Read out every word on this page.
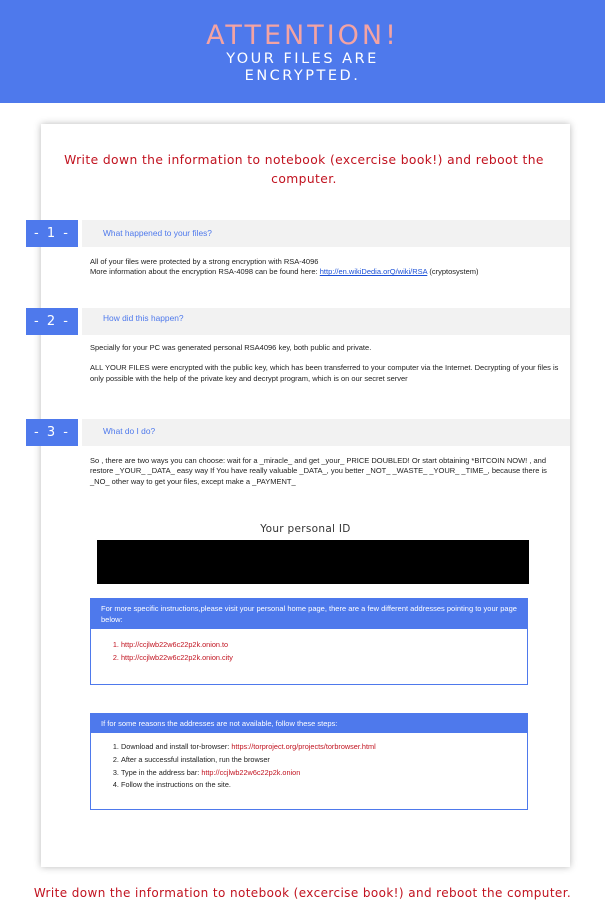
ATTENTION!
YOUR FILES ARE
ENCRYPTED.
Write down the information to notebook (excercise book!) and reboot the computer.
- 1 -	What happened to your files?

All of your files were protected by a strong encryption with RSA-4096

More information about the encryption RSA-4098 can be found here: http://en.wikiDedia.orQ/wiki/RSA (cryptosystem)

- 2 -	How did this happen?

Specially for your PC was generated personal RSA4096 key, both public and private.

ALL YOUR FILES were encrypted with the public key, which has been transferred to your computer via the Internet. Decrypting of your files is only possible with the help of the private key and decrypt program, which is on our secret server

- 3 -	What do I do?

So , there are two ways you can choose: wait for a _miracle_ and get _your_ PRICE DOUBLED! Or start obtaining *BITCOIN NOW! , and restore _YOUR_ _DATA_ easy way If You have really valuable _DATA_, you better _NOT_ _WASTE_ _YOUR_ _TIME_, because there is _NO_ other way to get your files, except make a _PAYMENT_

Your personal ID
For more specific instructions,please visit your personal home page, there are a few different addresses pointing to your page below:
1. http://ccjlwb22w6c22p2k.onion.to
2. http://ccjlwb22w6c22p2k.onion.city
If for some reasons the addresses are not available, follow these steps:
1. Download and install tor-browser: https://torproject.org/projects/torbrowser.html
2. After a successful installation, run the browser
3. Type in the address bar: http://ccjlwb22w6c22p2k.onion
4. Follow the instructions on the site.
Write down the information to notebook (excercise book!) and reboot the computer.
